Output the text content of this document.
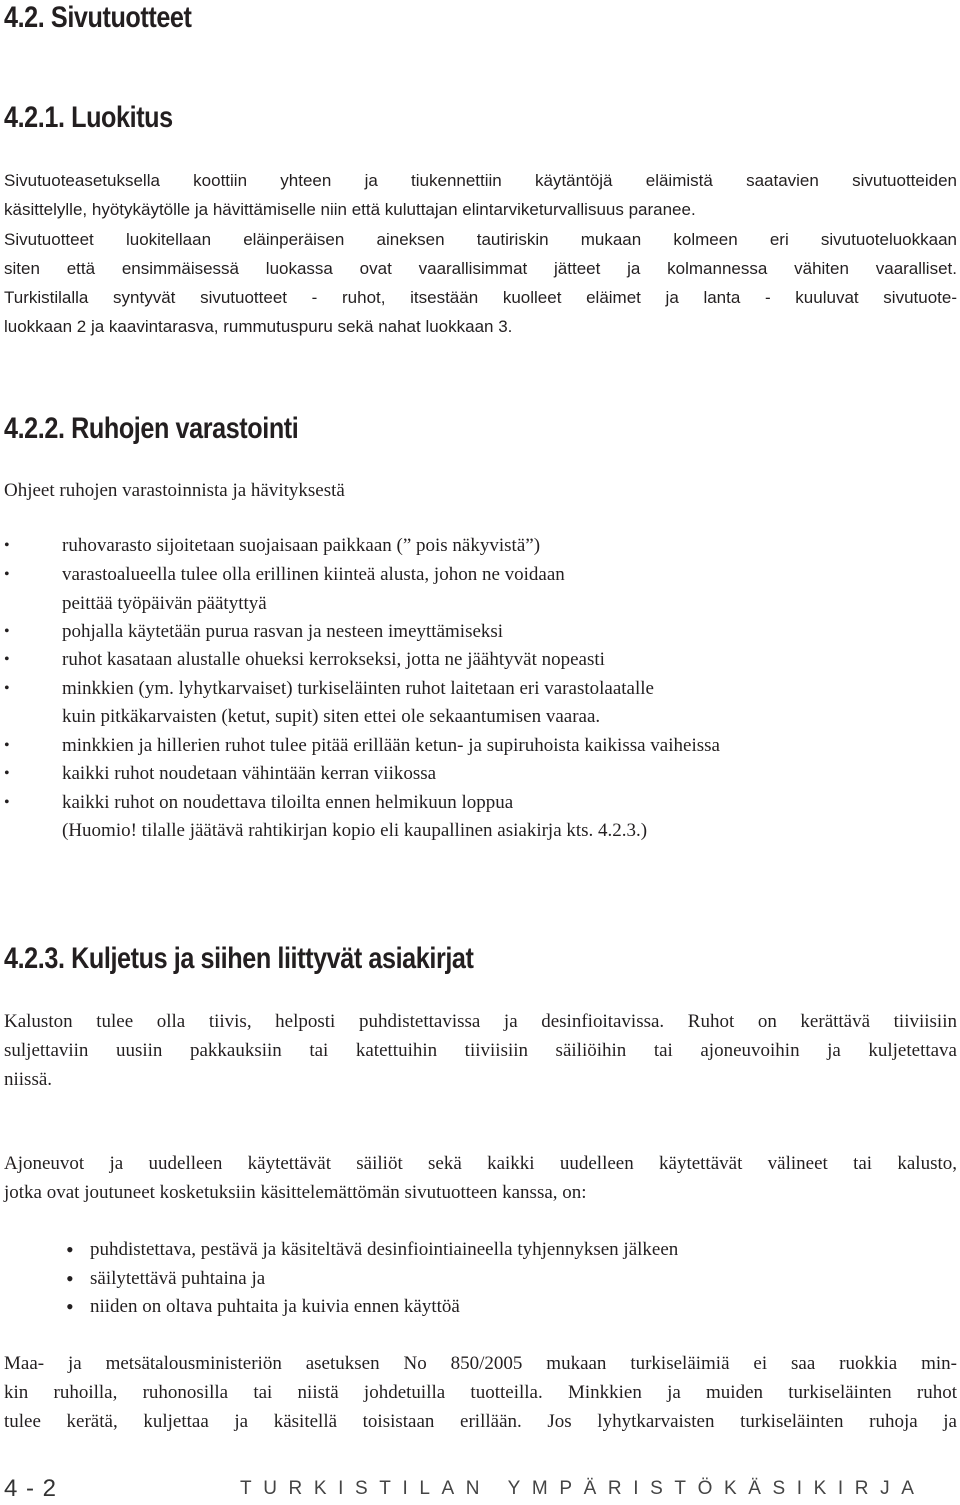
4.2. Sivutuotteet
4.2.1. Luokitus
Sivutuoteasetuksella koottiin yhteen ja tiukennettiin käytäntöjä eläimistä saatavien sivutuotteiden
käsittelylle, hyötykäytölle ja hävittämiselle niin että kuluttajan elintarviketurvallisuus paranee.
Sivutuotteet luokitellaan eläinperäisen aineksen tautiriskin mukaan kolmeen eri sivutuoteluokkaan
siten että ensimmäisessä luokassa ovat vaarallisimmat jätteet ja kolmannessa vähiten vaaralliset.
Turkistilalla syntyvät sivutuotteet - ruhot, itsestään kuolleet eläimet ja lanta - kuuluvat sivutuote-
luokkaan 2 ja kaavintarasva, rummutuspuru sekä nahat luokkaan 3.
4.2.2. Ruhojen varastointi
Ohjeet ruhojen varastoinnista ja hävityksestä
•	ruhovarasto sijoitetaan suojaisaan paikkaan (” pois näkyvistä”)
•	varastoalueella tulee olla erillinen kiinteä alusta, johon ne voidaan
peittää työpäivän päätyttyä
•	pohjalla käytetään purua rasvan ja nesteen imeyttämiseksi
•	ruhot kasataan alustalle ohueksi kerrokseksi, jotta ne jäähtyvät nopeasti
•	minkkien (ym. lyhytkarvaiset) turkiseläinten ruhot laitetaan eri varastolaatalle
kuin pitkäkarvaisten (ketut, supit) siten ettei ole sekaantumisen vaaraa.
•	minkkien ja hillerien ruhot tulee pitää erillään ketun- ja supiruhoista kaikissa vaiheissa
•	kaikki ruhot noudetaan vähintään kerran viikossa
•	kaikki ruhot on noudettava tiloilta ennen helmikuun loppua
(Huomio! tilalle jäätävä rahtikirjan kopio eli kaupallinen asiakirja kts. 4.2.3.)
4.2.3. Kuljetus ja siihen liittyvät asiakirjat
Kaluston tulee olla tiivis, helposti puhdistettavissa ja desinfioitavissa. Ruhot on kerättävä tiiviisiin
suljettaviin uusiin pakkauksiin tai katettuihin tiiviisiin säiliöihin tai ajoneuvoihin ja kuljetettava
niissä.
Ajoneuvot ja uudelleen käytettävät säiliöt sekä kaikki uudelleen käytettävät välineet tai kalusto,
jotka ovat joutuneet kosketuksiin käsittelemättömän sivutuotteen kanssa, on:
• puhdistettava, pestävä ja käsiteltävä desinfiointiaineella tyhjennyksen jälkeen
• säilytettävä puhtaina ja
• niiden on oltava puhtaita ja kuivia ennen käyttöä
Maa- ja metsätalousministeriön asetuksen No 850/2005 mukaan turkiseläimiä ei saa ruokkia min-
kin ruhoilla, ruhonosilla tai niistä johdetuilla tuotteilla. Minkkien ja muiden turkiseläinten ruhot
tulee kerätä, kuljettaa ja käsitellä toisistaan erillään. Jos lyhytkarvaisten turkiseläinten ruhoja ja
4 - 2	TURKISTILAN YMPÄRISTÖKÄSIKIRJA
